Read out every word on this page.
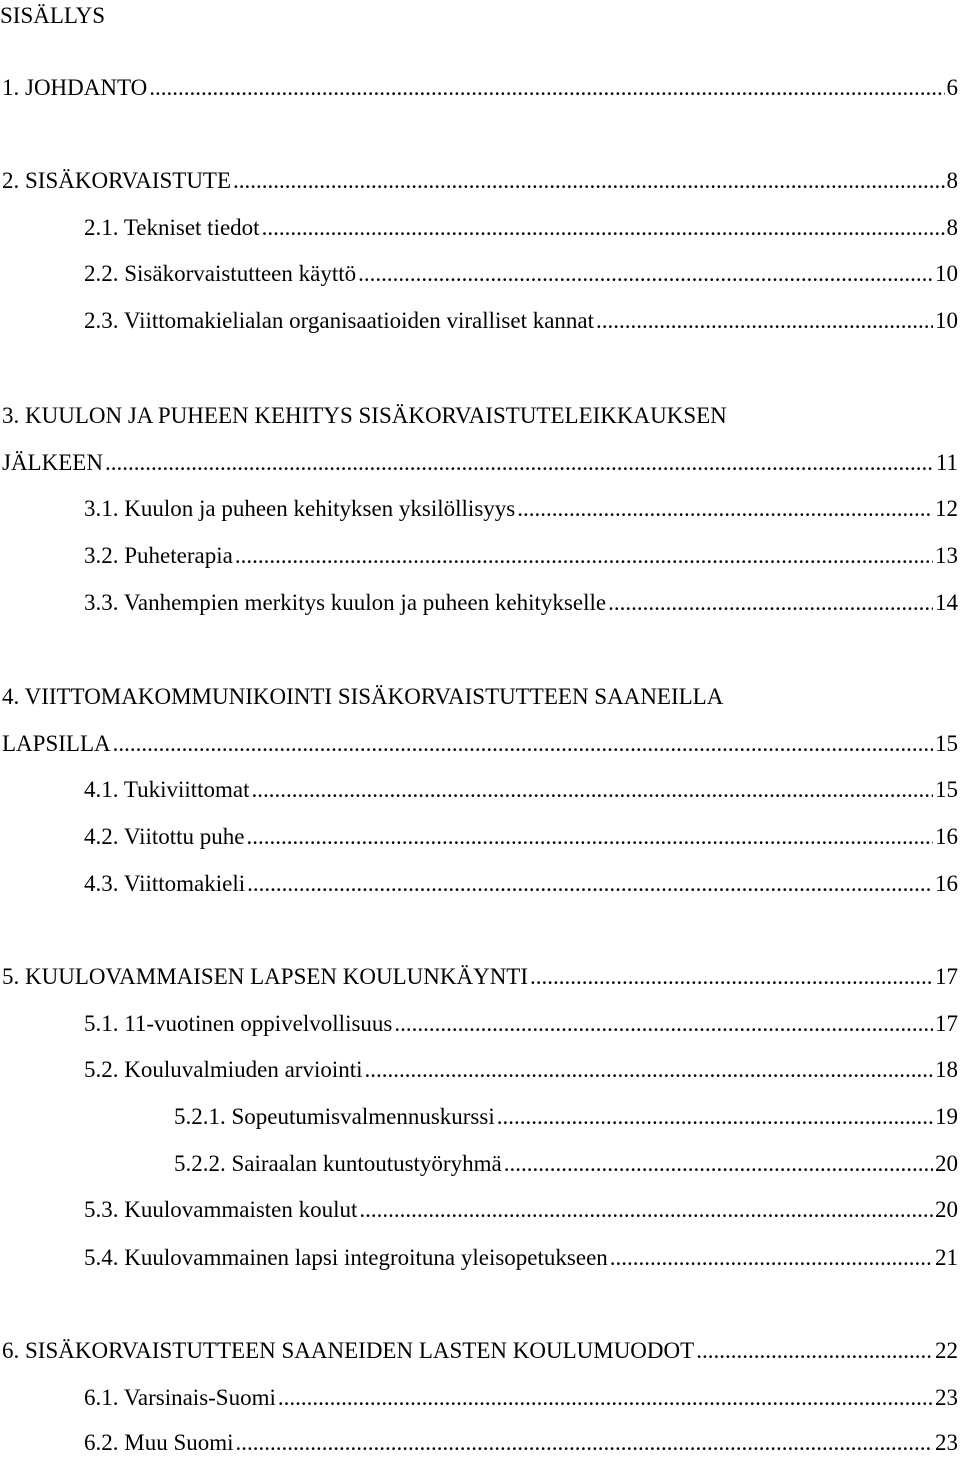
SISÄLLYS
1. JOHDANTO .....	6
2. SISÄKORVAISTUTE .....	8
2.1. Tekniset tiedot .....	8
2.2. Sisäkorvaistutteen käyttö .....	10
2.3. Viittomakielialan organisaatioiden viralliset kannat .....	10
3. KUULON JA PUHEEN KEHITYS SISÄKORVAISTUTELEIKKAUKSEN
JÄLKEEN .....	11
3.1. Kuulon ja puheen kehityksen yksilöllisyys .....	12
3.2. Puheterapia .....	13
3.3. Vanhempien merkitys kuulon ja puheen kehitykselle .....	14
4. VIITTOMAKOMMUNIKOINTI SISÄKORVAISTUTTEEN SAANEILLA
LAPSILLA .....	15
4.1. Tukiviittomat .....	15
4.2. Viitottu puhe .....	16
4.3. Viittomakieli .....	16
5. KUULOVAMMAISEN LAPSEN KOULUNKÄYNTI .....	17
5.1. 11-vuotinen oppivelvollisuus .....	17
5.2. Kouluvalmiuden arviointi .....	18
5.2.1. Sopeutumisvalmennuskurssi .....	19
5.2.2. Sairaalan kuntoutustyöryhmä .....	20
5.3. Kuulovammaisten koulut .....	20
5.4. Kuulovammainen lapsi integroituna yleisopetukseen .....	21
6. SISÄKORVAISTUTTEEN SAANEIDEN LASTEN KOULUMUODOT .....	22
6.1. Varsinais-Suomi .....	23
6.2. Muu Suomi .....	23
